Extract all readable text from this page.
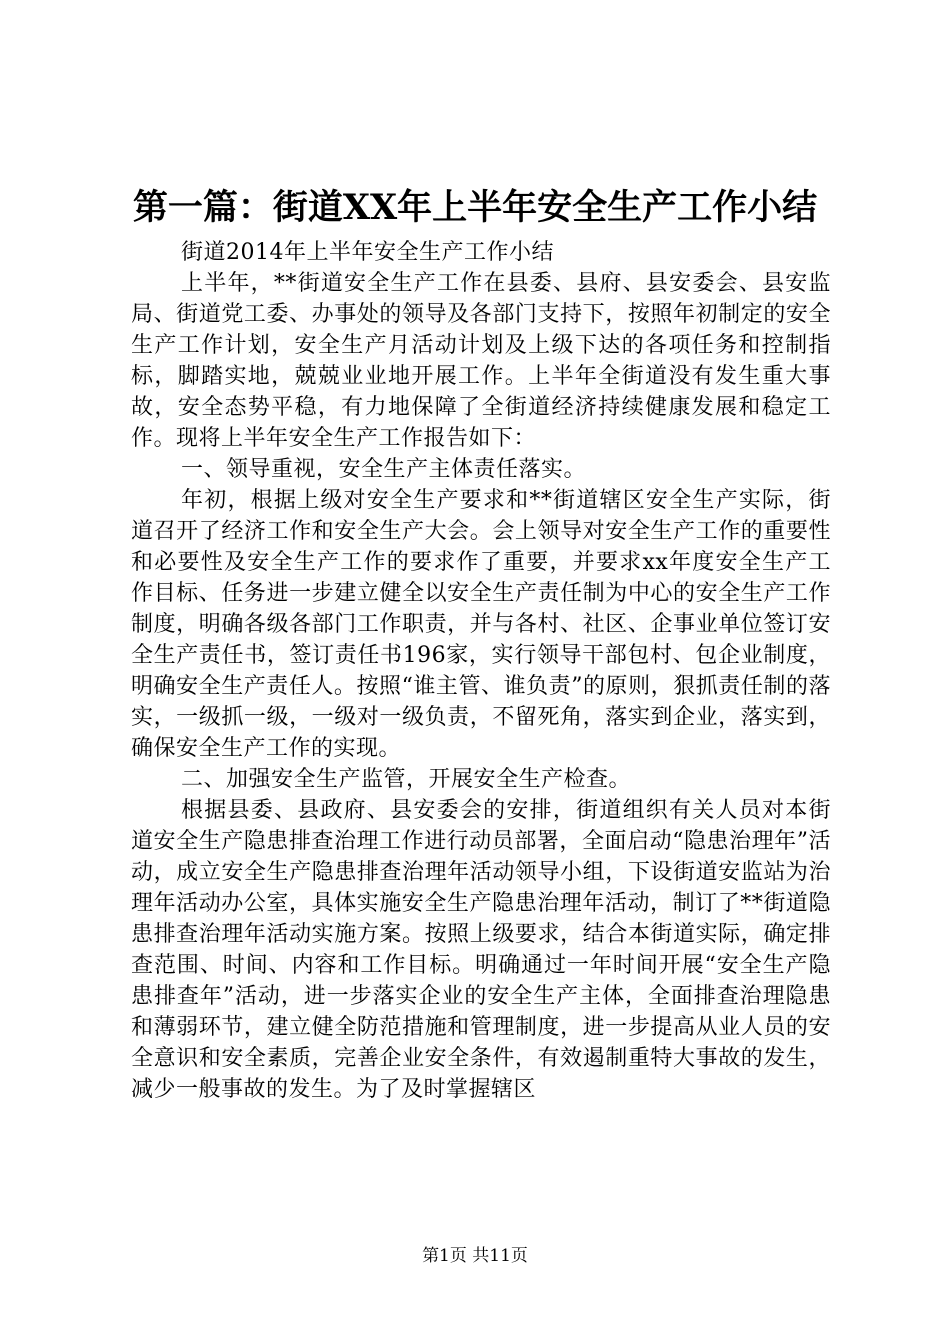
第一篇：街道XX年上半年安全生产工作小结

街道2014年上半年安全生产工作小结

上半年，**街道安全生产工作在县委、县府、县安委会、县安监局、街道党工委、办事处的领导及各部门支持下，按照年初制定的安全生产工作计划，安全生产月活动计划及上级下达的各项任务和控制指标，脚踏实地，兢兢业业地开展工作。上半年全街道没有发生重大事故，安全态势平稳，有力地保障了全街道经济持续健康发展和稳定工作。现将上半年安全生产工作报告如下：

一、领导重视，安全生产主体责任落实。

年初，根据上级对安全生产要求和**街道辖区安全生产实际，街道召开了经济工作和安全生产大会。会上领导对安全生产工作的重要性和必要性及安全生产工作的要求作了重要，并要求xx年度安全生产工作目标、任务进一步建立健全以安全生产责任制为中心的安全生产工作制度，明确各级各部门工作职责，并与各村、社区、企事业单位签订安全生产责任书，签订责任书196家，实行领导干部包村、包企业制度，明确安全生产责任人。按照“谁主管、谁负责”的原则，狠抓责任制的落实，一级抓一级，一级对一级负责，不留死角，落实到企业，落实到，确保安全生产工作的实现。

二、加强安全生产监管，开展安全生产检查。

根据县委、县政府、县安委会的安排，街道组织有关人员对本街道安全生产隐患排查治理工作进行动员部署，全面启动“隐患治理年”活动，成立安全生产隐患排查治理年活动领导小组，下设街道安监站为治理年活动办公室，具体实施安全生产隐患治理年活动，制订了**街道隐患排查治理年活动实施方案。按照上级要求，结合本街道实际，确定排查范围、时间、内容和工作目标。明确通过一年时间开展“安全生产隐患排查年”活动，进一步落实企业的安全生产主体，全面排查治理隐患和薄弱环节，建立健全防范措施和管理制度，进一步提高从业人员的安全意识和安全素质，完善企业安全条件，有效遏制重特大事故的发生，减少一般事故的发生。为了及时掌握辖区

第1页 共11页
